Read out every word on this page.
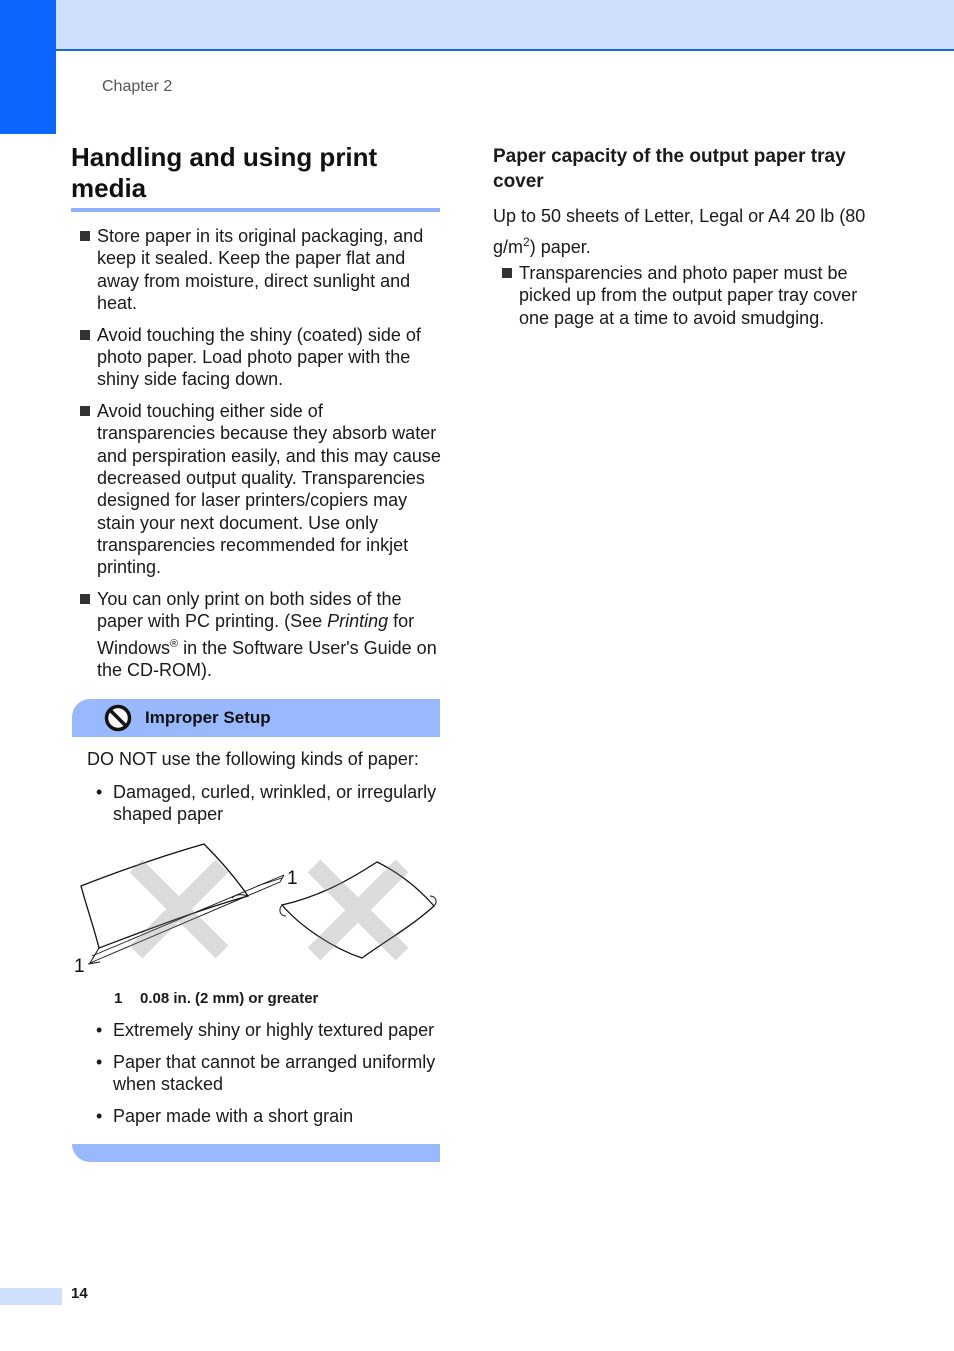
Chapter 2
Handling and using print media
Store paper in its original packaging, and keep it sealed. Keep the paper flat and away from moisture, direct sunlight and heat.
Avoid touching the shiny (coated) side of photo paper. Load photo paper with the shiny side facing down.
Avoid touching either side of transparencies because they absorb water and perspiration easily, and this may cause decreased output quality. Transparencies designed for laser printers/copiers may stain your next document. Use only transparencies recommended for inkjet printing.
You can only print on both sides of the paper with PC printing. (See Printing for Windows® in the Software User's Guide on the CD-ROM).
Improper Setup
DO NOT use the following kinds of paper:
• Damaged, curled, wrinkled, or irregularly shaped paper
1
1
1 0.08 in. (2 mm) or greater
• Extremely shiny or highly textured paper
• Paper that cannot be arranged uniformly when stacked
• Paper made with a short grain
Paper capacity of the output paper tray cover

Up to 50 sheets of Letter, Legal or A4 20 lb (80 $g/m^2$) paper.

Transparencies and photo paper must be picked up from the output paper tray cover one page at a time to avoid smudging.
14
